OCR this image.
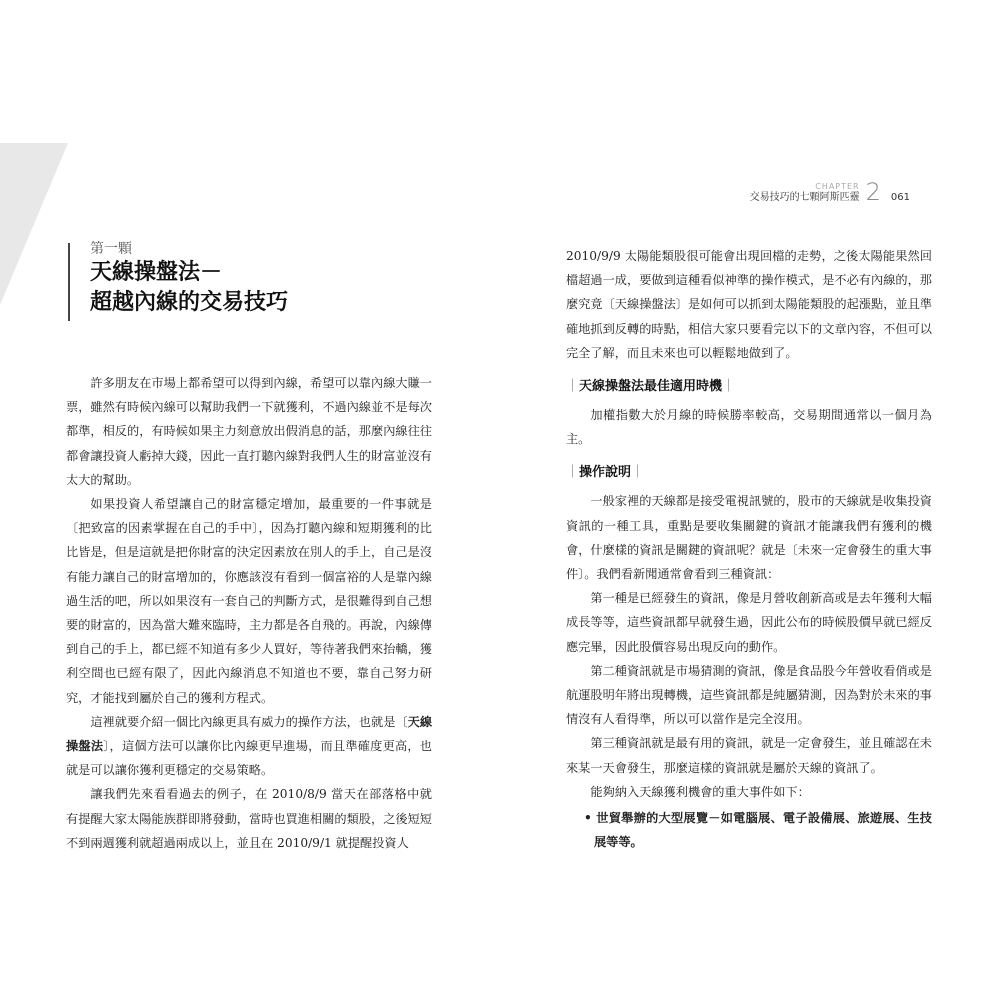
CHAPTER
交易技巧的七顆阿斯匹靈 2 061
第一顆
天線操盤法－
超越內線的交易技巧

許多朋友在市場上都希望可以得到內線，希望可以靠內線大賺一票，雖然有時候內線可以幫助我們一下就獲利，不過內線並不是每次都準，相反的，有時候如果主力刻意放出假消息的話，那麼內線往往都會讓投資人虧掉大錢，因此一直打聽內線對我們人生的財富並沒有太大的幫助。

如果投資人希望讓自己的財富穩定增加，最重要的一件事就是〔把致富的因素掌握在自己的手中〕，因為打聽內線和短期獲利的比比皆是，但是這就是把你財富的決定因素放在別人的手上，自己是沒有能力讓自己的財富增加的，你應該沒有看到一個富裕的人是靠內線過生活的吧，所以如果沒有一套自己的判斷方式，是很難得到自己想要的財富的，因為當大難來臨時，主力都是各自飛的。再說，內線傳到自己的手上，都已經不知道有多少人買好，等待著我們來抬轎，獲利空間也已經有限了，因此內線消息不知道也不要，靠自己努力研究，才能找到屬於自己的獲利方程式。

這裡就要介紹一個比內線更具有威力的操作方法，也就是〔天線操盤法〕，這個方法可以讓你比內線更早進場，而且準確度更高，也就是可以讓你獲利更穩定的交易策略。

讓我們先來看看過去的例子，在 2010/8/9 當天在部落格中就有提醒大家太陽能族群即將發動，當時也買進相關的類股，之後短短不到兩週獲利就超過兩成以上，並且在 2010/9/1 就提醒投資人

2010/9/9 太陽能類股很可能會出現回檔的走勢，之後太陽能果然回檔超過一成，要做到這種看似神準的操作模式，是不必有內線的，那麼究竟〔天線操盤法〕是如何可以抓到太陽能類股的起漲點，並且準確地抓到反轉的時點，相信大家只要看完以下的文章內容，不但可以完全了解，而且未來也可以輕鬆地做到了。

｜天線操盤法最佳適用時機｜

加權指數大於月線的時候勝率較高，交易期間通常以一個月為主。

｜操作說明｜

一般家裡的天線都是接受電視訊號的，股市的天線就是收集投資資訊的一種工具，重點是要收集關鍵的資訊才能讓我們有獲利的機會，什麼樣的資訊是關鍵的資訊呢？就是〔未來一定會發生的重大事件〕。我們看新聞通常會看到三種資訊：

第一種是已經發生的資訊，像是月營收創新高或是去年獲利大幅成長等等，這些資訊都早就發生過，因此公布的時候股價早就已經反應完畢，因此股價容易出現反向的動作。

第二種資訊就是市場猜測的資訊，像是食品股今年營收看俏或是航運股明年將出現轉機，這些資訊都是純屬猜測，因為對於未來的事情沒有人看得準，所以可以當作是完全沒用。

第三種資訊就是最有用的資訊，就是一定會發生，並且確認在未來某一天會發生，那麼這樣的資訊就是屬於天線的資訊了。

能夠納入天線獲利機會的重大事件如下：

• 世貿舉辦的大型展覽－如電腦展、電子設備展、旅遊展、生技展等等。
